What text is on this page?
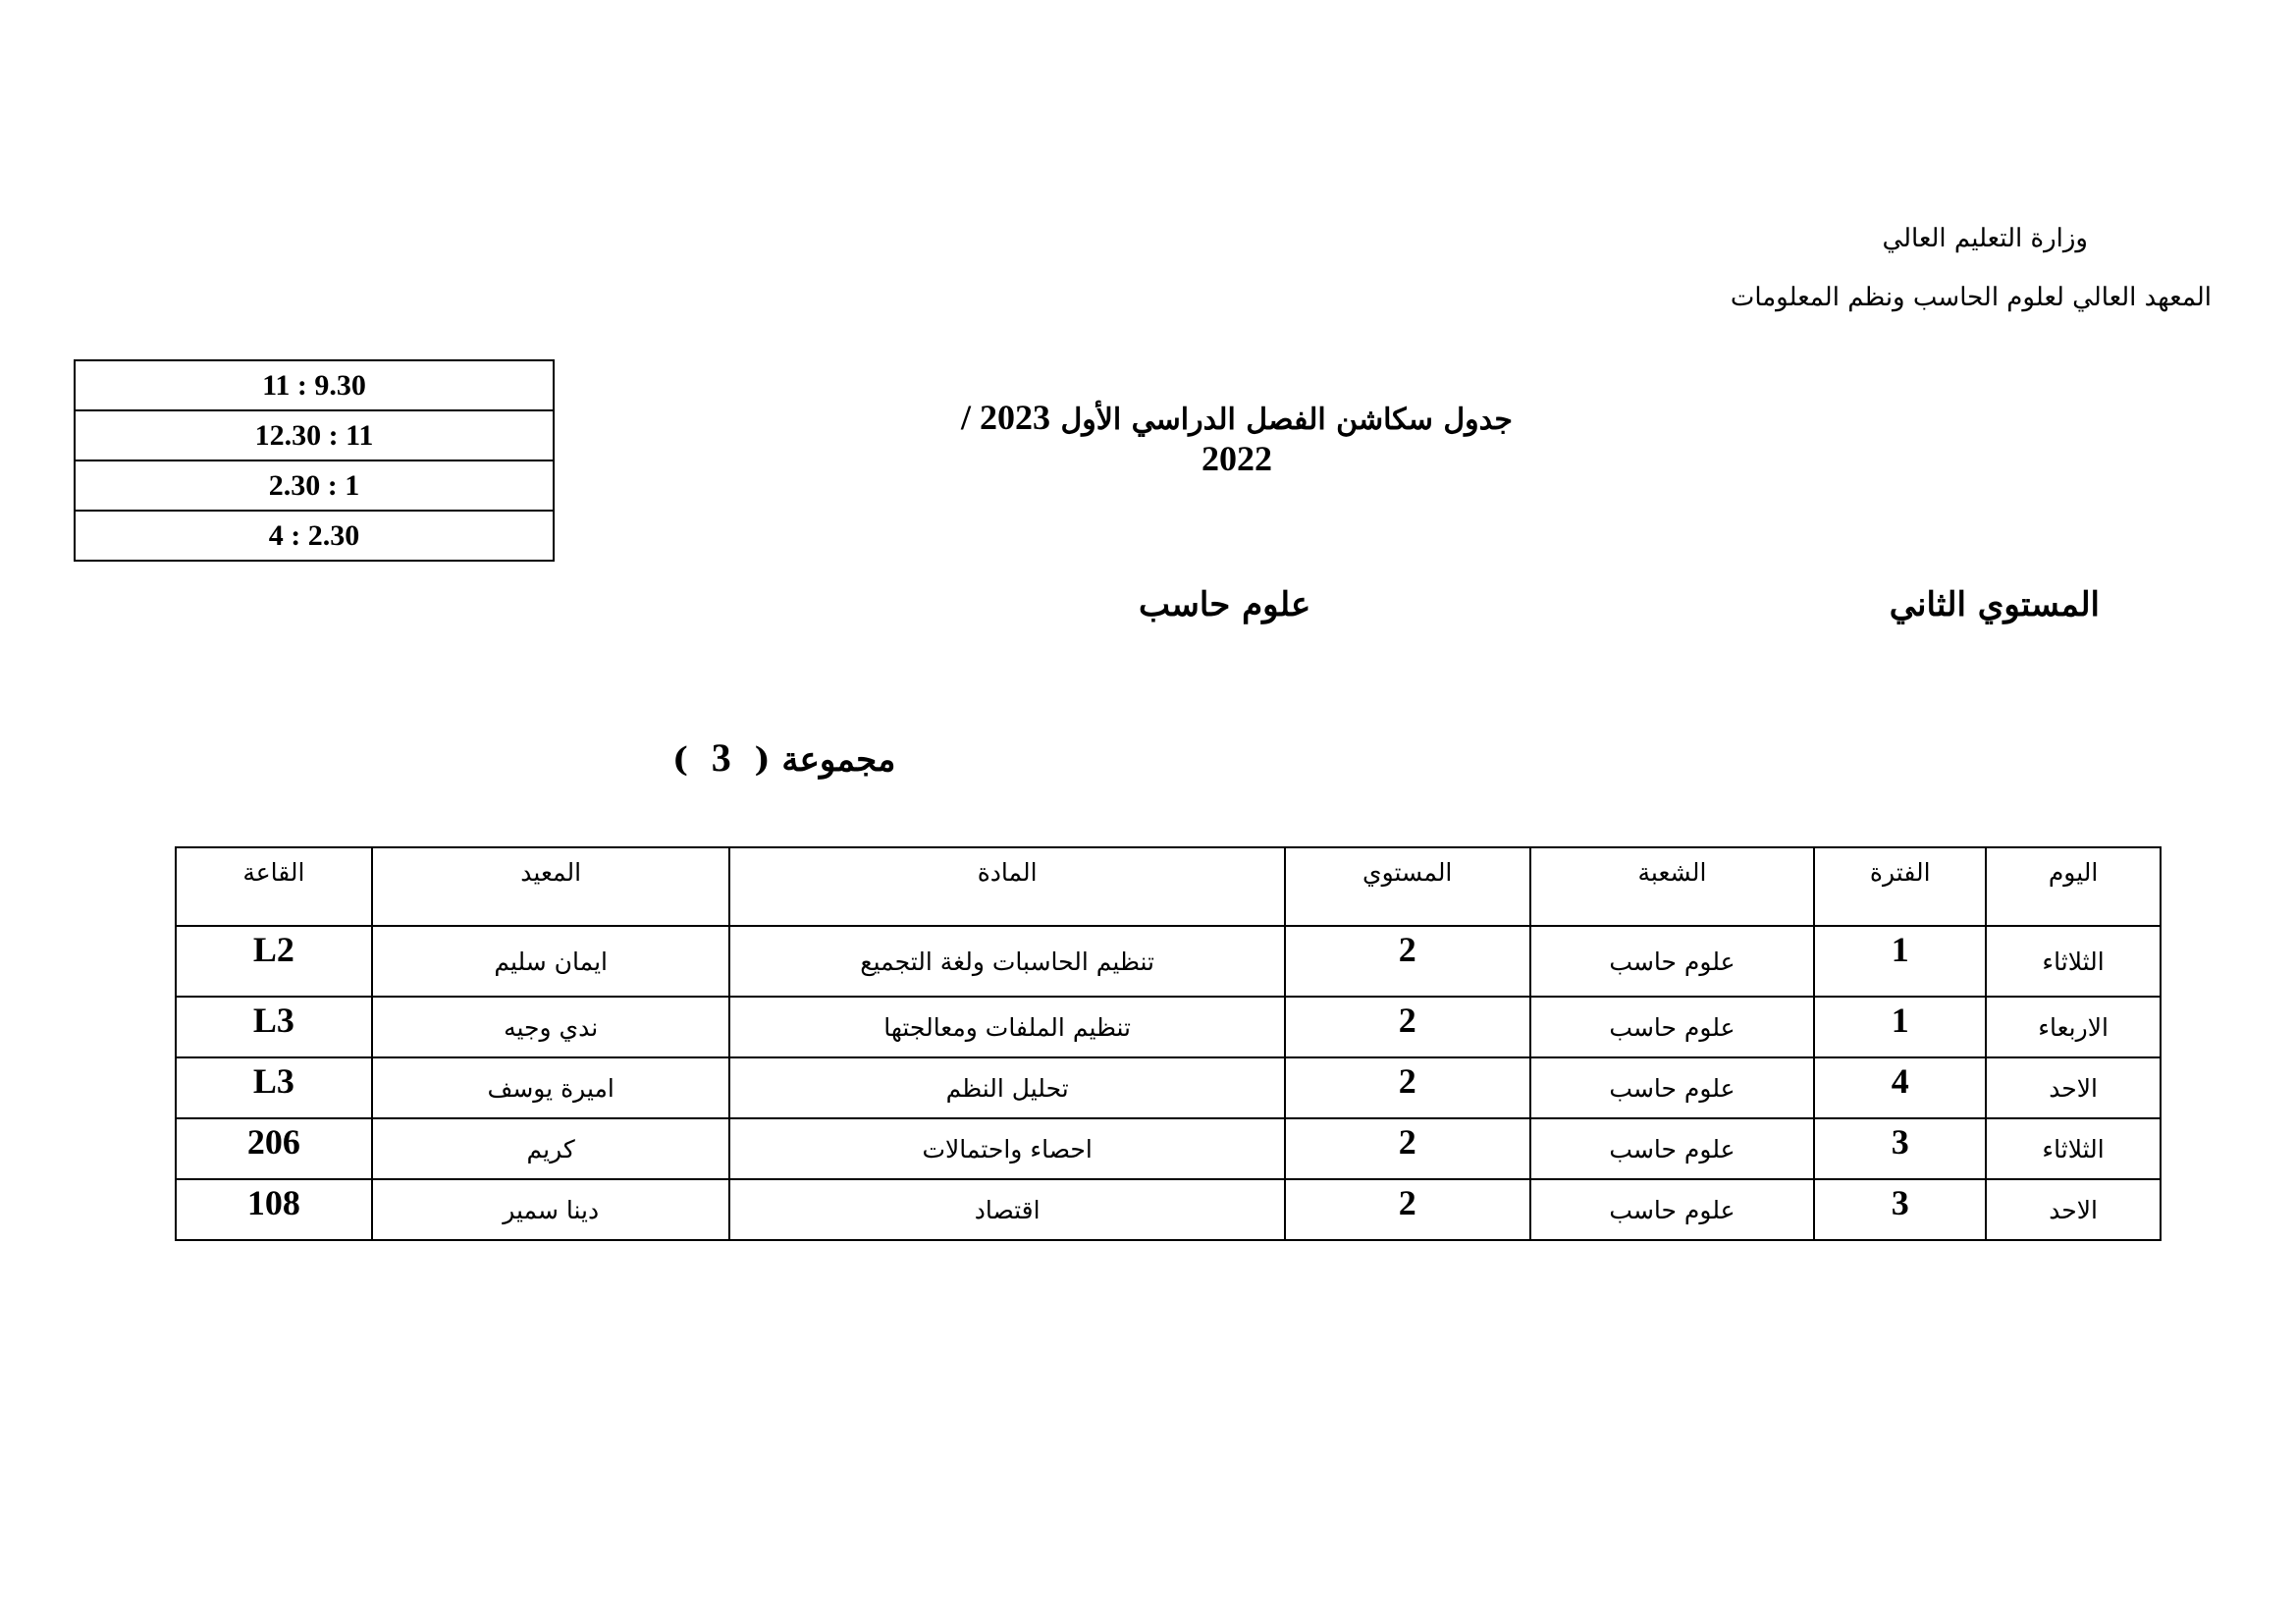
وزارة التعليم العالي
المعهد العالي لعلوم الحاسب ونظم المعلومات
11 : 9.30
12.30 : 11
2.30 : 1
4 : 2.30
جدول سكاشن الفصل الدراسي الأول 2023 / 2022
المستوي الثاني
علوم حاسب
مجموعة (  3  )
اليوم	الفترة	الشعبة	المستوي	المادة	المعيد	القاعة
الثلاثاء	1	علوم حاسب	2	تنظيم الحاسبات ولغة التجميع	ايمان سليم	L2
الاربعاء	1	علوم حاسب	2	تنظيم الملفات ومعالجتها	ندي وجيه	L3
الاحد	4	علوم حاسب	2	تحليل النظم	اميرة يوسف	L3
الثلاثاء	3	علوم حاسب	2	احصاء واحتمالات	كريم	206
الاحد	3	علوم حاسب	2	اقتصاد	دينا سمير	108
